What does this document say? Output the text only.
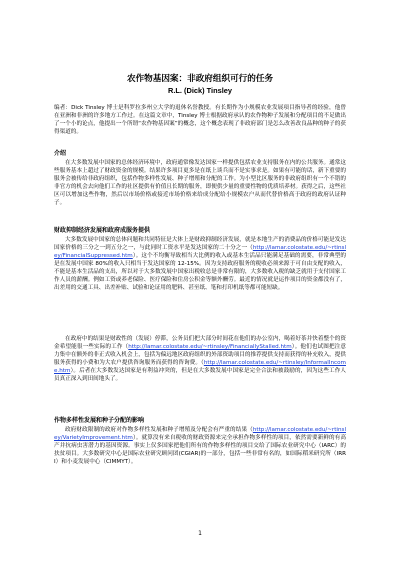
农作物基因案：非政府组织可行的任务
R.L. (Dick) Tinsley

编者：Dick Tinsley 博士是科罗拉多州立大学的退休名誉教授。有长期作为小规模农业发展项目指导者的经验，他曾在亚洲和非洲的许多地方工作过。在这篇文章中，Tinsley 博士根据政府承认的农作物种子发展和分配项目的不足做出了一个小的论点，他提出一个所谓“农作物基因案”的概念，这个概念表现了非政府部门是怎么改善改良品种的种子的获得渠道的。

介绍

在大多数发展中国家的总体经济环境中，政府通常像发达国家一样提供包括农业支持服务在内的公共服务。通常这些服务基本上超过了财政资金的规模。结果许多项目更多是在纸上谈兵而不是实事求是。如果有可能的话，新下重要的服务会被传给非政府组织，包括作物多样性发展、种子增殖和分配的工作。为小型比区服务的非政府组织有一个不错的非官方的机会去向他们工作的社区提供有价值且长期的服务，即便供少量的重要性物的优质培养材。获得之后，这些社区可以增加这些作物，然后以市场价格或接近市场价格来给成分配给小规模农户从而代替价格高于政府的政府认证种子。

财政抑制经济发展和政府成服务提供

大多数发展中国家的总体问题和共同特征是大体上是财政抑制经济发展，就是本地生产的消费品的价格可能是发达国家价格的三分之一到五分之一，与此同时工资水平是发达国家的二十分之一（http://lamar.colostate.edu/~rtinsley/FinancialSuppressed.htm）。这个不均衡导致相当大比例的收入或基本生活品只能满足基础的需要，非常典型的是在发展中国家 80%的收入只相当于发达国家的 12-15%。因为支持政府服务的税收必须来源于可自由支配的收入，不能是基本生活品的支出，所以对于大多数发展中国家出税收总是非常有限的，大多数收入税的缺乏就用于支付国家工作人员的薪酬。例如工资或养老保险、医疗保险和住房公积金等额外酬劳。最近的情况就是运作项目的资金都没有了，出差用的交通工具、出差补贴、试验和论证用的肥料、甚至纸、笔和打印机纸等都可能短缺。

在政府中的结果是财政性的（发展）停滞，公务员们把大部分时间花在他们的办公室内，喝着好茶并快着整个的资金希望能很一些实际的工作（http://lamar.colostate.edu/~rtinsley/FinanciallyStalled.htm）。他们也试图把注意力集中在额外的非正式收入机会上，包括为偏远地区政府组织的外部资助项目的推荐提供支持而获得的补充收入，提供服务获得的小费和为大农户提供咨询服务而获得的咨询费。（http://lamar.colostate.edu/~rtinsley/InformalIncome.htm）。后者在大多数发达国家是有利益冲突的，但是在大多数发展中国家是完全合法和被鼓励的，因为这些工作人员真正深入到田间地头了。

作物多样性发展和种子分配的影响

政府财政限制的政府对作物多样性发展和种子增殖及分配会有严重的结果（http://lamar.colostate.edu/~rtinsley/VarietyImprovement.htm）。就算没有来自税收的财政资源来完全承担作物多样性的项目，依然需要新鲜的有高产并抗病虫害潜力的基因资源。事实上仅多国家把他们所有的作物多样性的项目交给了国际农业研究中心（IARC）的扶贫项目。大多数研究中心是国际农业研究顾问团(CGIAR)的一部分，包括一些非常有名的，如国际稻米研究所（IRRI）和小麦发展中心（CIMMYT）。

1
